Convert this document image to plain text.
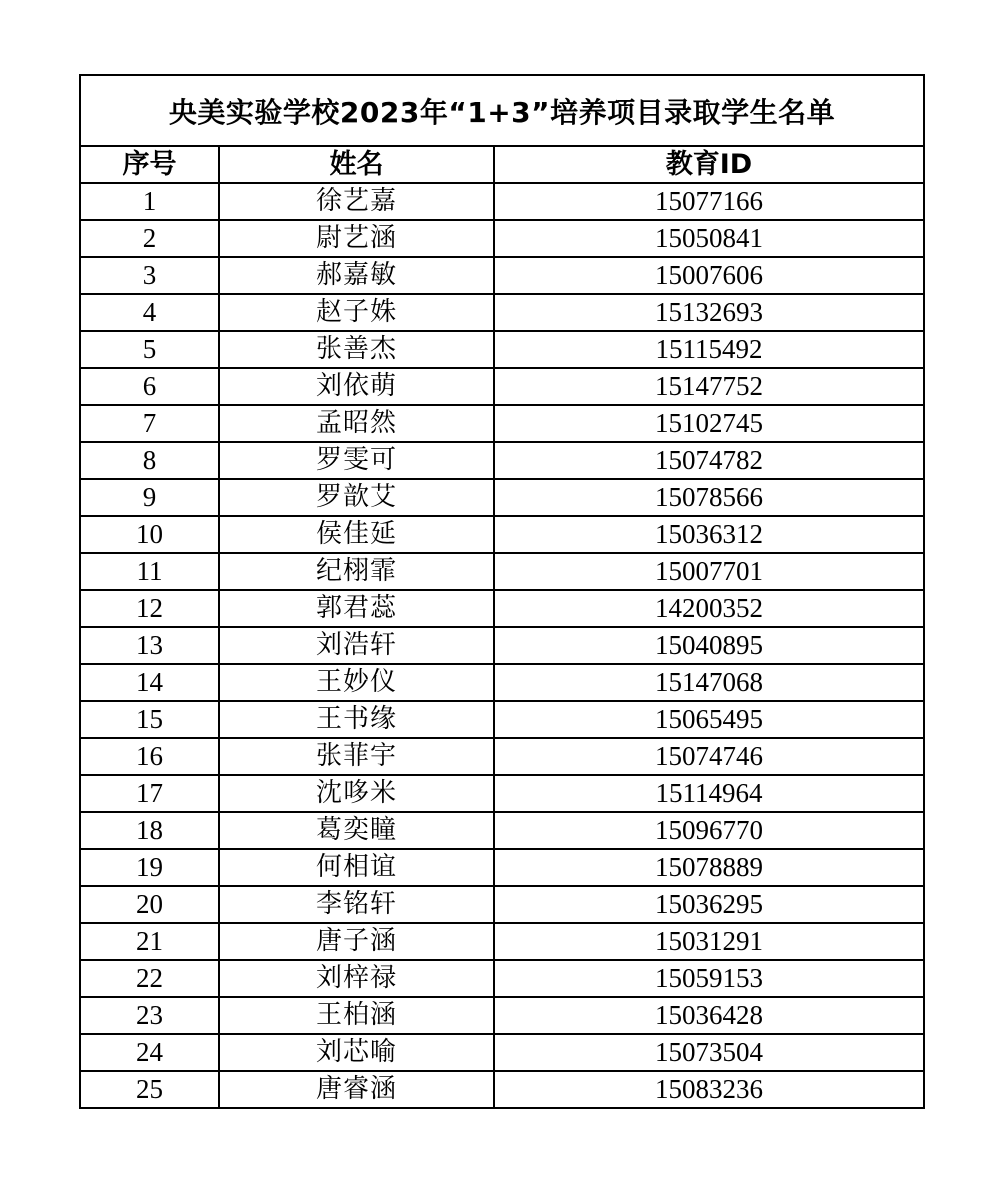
央美实验学校2023年“1+3”培养项目录取学生名单
序号	姓名	教育ID
1	徐艺嘉	15077166
2	尉艺涵	15050841
3	郝嘉敏	15007606
4	赵子姝	15132693
5	张善杰	15115492
6	刘依萌	15147752
7	孟昭然	15102745
8	罗雯可	15074782
9	罗歆艾	15078566
10	侯佳延	15036312
11	纪栩霏	15007701
12	郭君蕊	14200352
13	刘浩轩	15040895
14	王妙仪	15147068
15	王书缘	15065495
16	张菲宇	15074746
17	沈哆米	15114964
18	葛奕瞳	15096770
19	何相谊	15078889
20	李铭轩	15036295
21	唐子涵	15031291
22	刘梓禄	15059153
23	王柏涵	15036428
24	刘芯喻	15073504
25	唐睿涵	15083236
